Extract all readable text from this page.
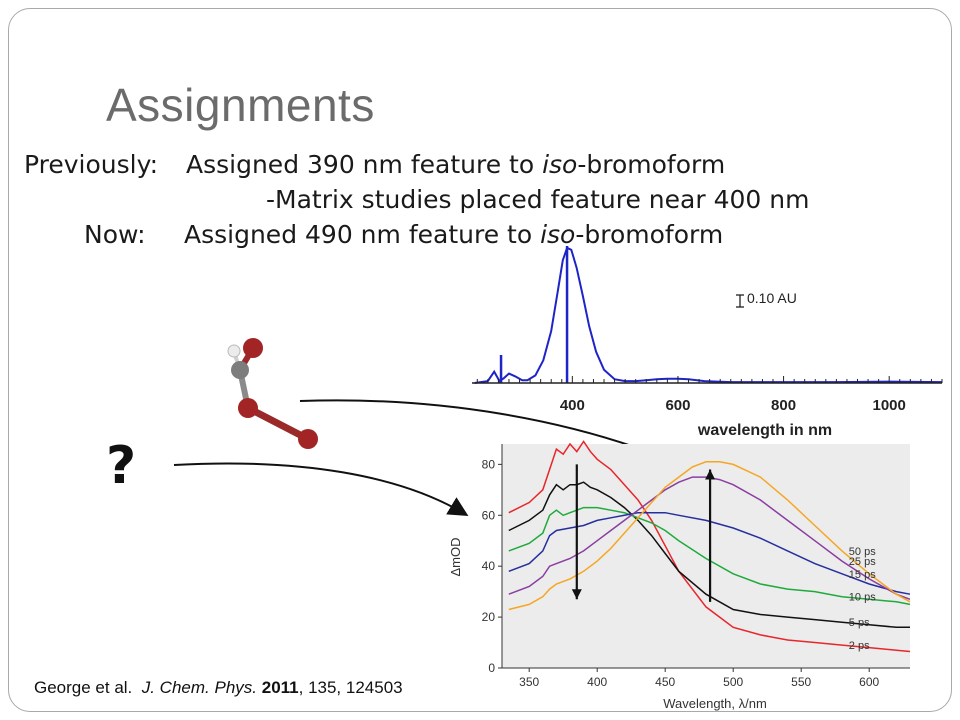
Assignments
Previously: Assigned 390 nm feature to iso-bromoform
-Matrix studies placed feature near 400 nm
Now: Assigned 490 nm feature to iso-bromoform
?
400	600	800	1000
0.10 AU
wavelength in nm
2 ps
5 ps
10 ps
15 ps
25 ps
50 ps
350	400	450	500	550	600
0
20
40
60
80
Wavelength, λ/nm
ΔmOD
George et al. J. Chem. Phys. 2011, 135, 124503
